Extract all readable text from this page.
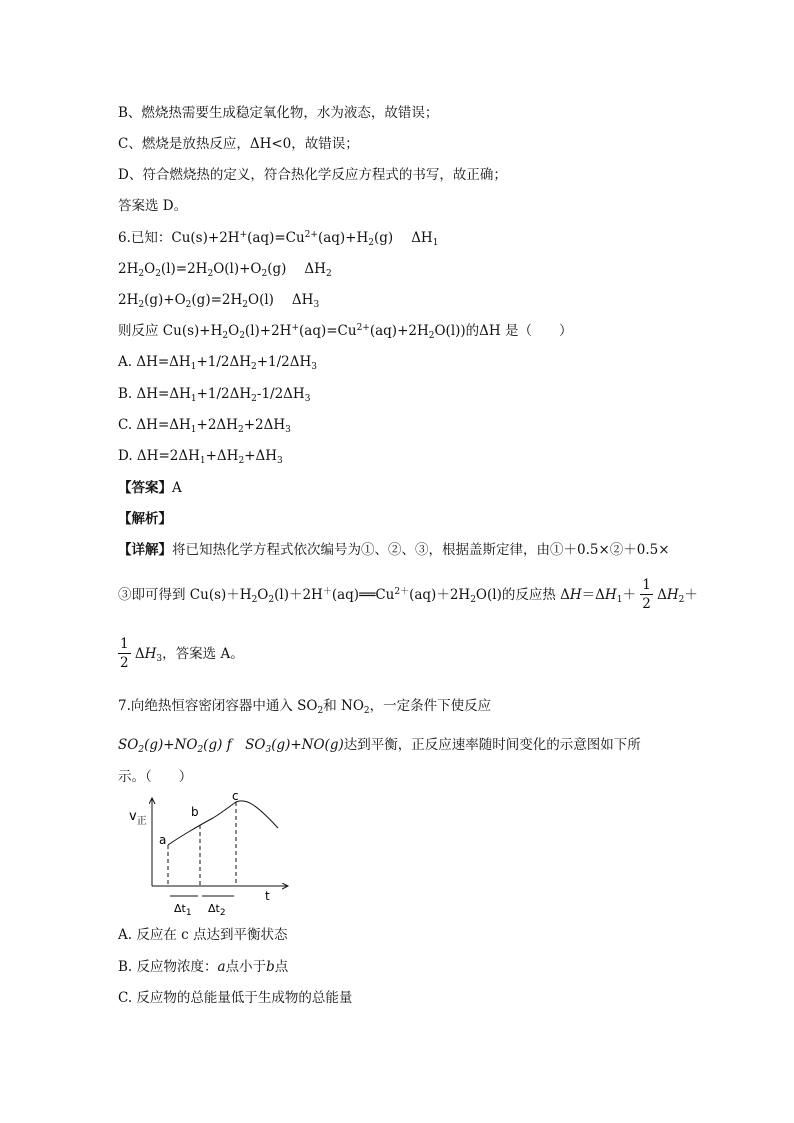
B、燃烧热需要生成稳定氧化物，水为液态，故错误；
C、燃烧是放热反应，ΔH<0，故错误；
D、符合燃烧热的定义，符合热化学反应方程式的书写，故正确；
答案选 D。
6.已知：$Cu(s)+2H^+(aq)=Cu^{2+}(aq)+H_2(g)$ $\Delta H_1$
$2H_2O_2(l)=2H_2O(l)+O_2(g)$ $\Delta H_2$
$2H_2(g)+O_2(g)=2H_2O(l)$ $\Delta H_3$
则反应 $Cu(s)+H_2O_2(l)+2H^+(aq)=Cu^{2+}(aq)+2H_2O(l)$)的ΔH 是（　　）
A. $\Delta H=\Delta H_1+1/2\Delta H_2+1/2\Delta H_3$
B. $\Delta H=\Delta H_1+1/2\Delta H_2-1/2\Delta H_3$
C. $\Delta H=\Delta H_1+2\Delta H_2+2\Delta H_3$
D. $\Delta H=2\Delta H_1+\Delta H_2+\Delta H_3$
【答案】A
【解析】
【详解】将已知热化学方程式依次编号为①、②、③，根据盖斯定律，由①＋0.5×②＋0.5×
③即可得到 $Cu(s)+H_2O_2(l)+2H^+(aq)══Cu^{2+}(aq)+2H_2O(l)$的反应热 $\Delta H=\Delta H_1+ \frac{1}{2} \Delta H_2+$
$\frac{1}{2} \Delta H_3$，答案选 A。
7.向绝热恒容密闭容器中通入 $SO_2$和 $NO_2$，一定条件下使反应
$SO_2(g)+NO_2(g)$ f　$SO_3(g)+NO(g)$达到平衡，正反应速率随时间变化的示意图如下所
示。（　　）
$v_正$
t
a
b
c
$\Delta t_1$ $\Delta t_2$
A. 反应在 c 点达到平衡状态
B. 反应物浓度：a点小于b点
C. 反应物的总能量低于生成物的总能量
